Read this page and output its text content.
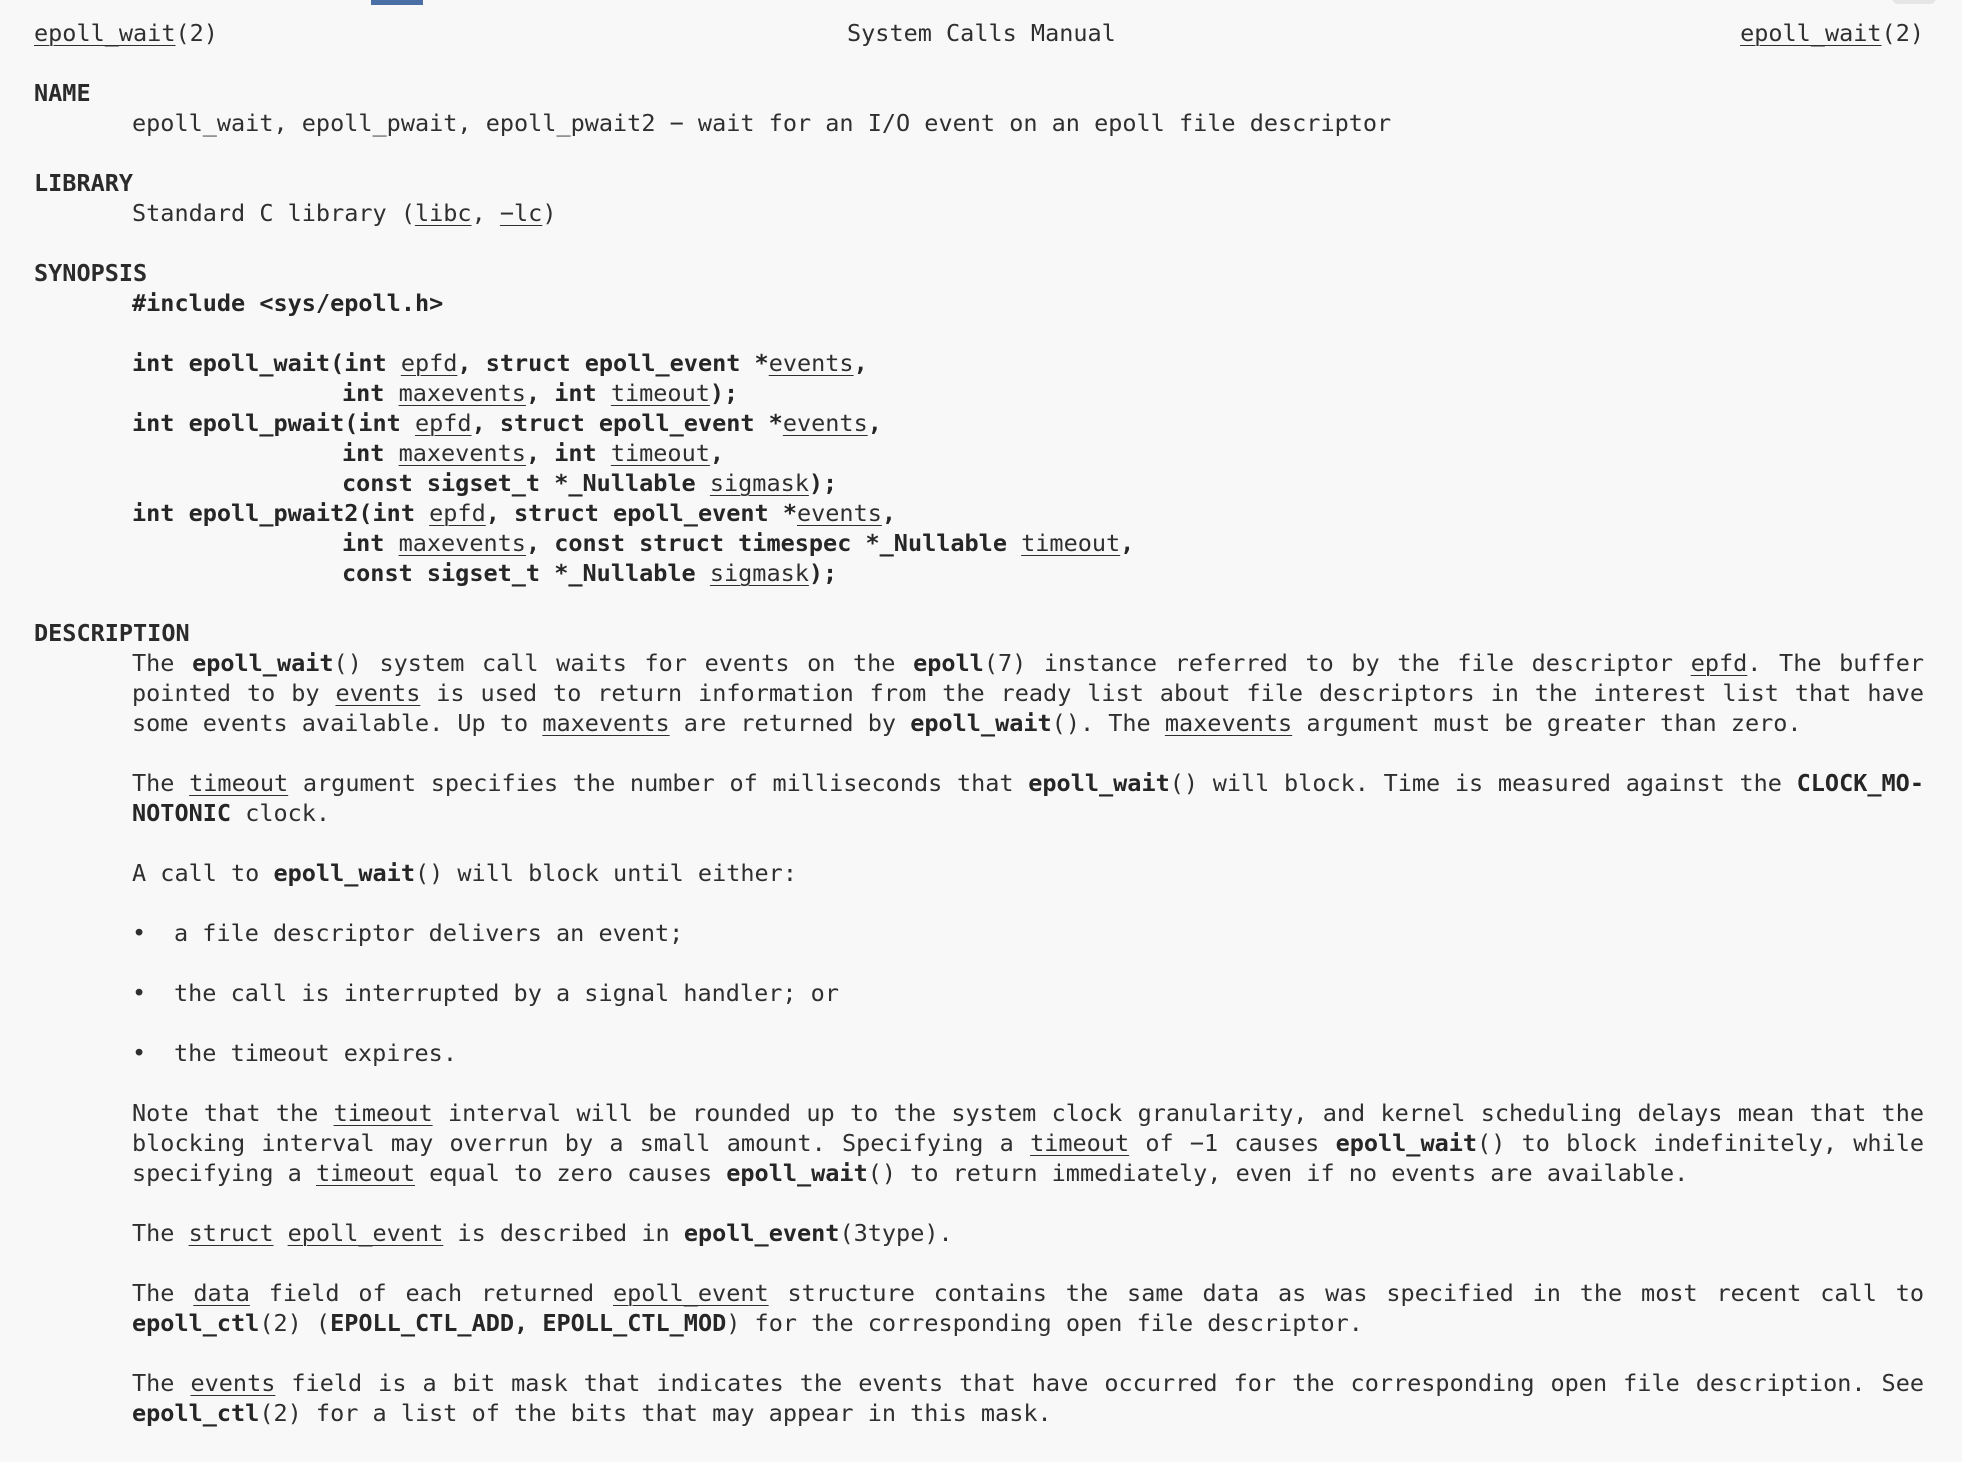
epoll_wait(2)

	System Calls Manual

	epoll_wait(2)

NAME
epoll_wait, epoll_pwait, epoll_pwait2 − wait for an I/O event on an epoll file descriptor
LIBRARY
Standard C library (libc, −lc)
SYNOPSIS
#include <sys/epoll.h>
int epoll_wait(int epfd, struct epoll_event *events,
int maxevents, int timeout);
int epoll_pwait(int epfd, struct epoll_event *events,
int maxevents, int timeout,
const sigset_t *_Nullable sigmask);
int epoll_pwait2(int epfd, struct epoll_event *events,
int maxevents, const struct timespec *_Nullable timeout,
const sigset_t *_Nullable sigmask);
DESCRIPTION
The epoll_wait() system call waits for events on the epoll(7) instance referred to by the file descriptor epfd. The buffer
pointed to by events is used to return information from the ready list about file descriptors in the interest list that have
some events available. Up to maxevents are returned by epoll_wait(). The maxevents argument must be greater than zero.
The timeout argument specifies the number of milliseconds that epoll_wait() will block. Time is measured against the CLOCK_MO‐
NOTONIC clock.
A call to epoll_wait() will block until either:
• a file descriptor delivers an event;
• the call is interrupted by a signal handler; or
• the timeout expires.
Note that the timeout interval will be rounded up to the system clock granularity, and kernel scheduling delays mean that the
blocking interval may overrun by a small amount. Specifying a timeout of −1 causes epoll_wait() to block indefinitely, while
specifying a timeout equal to zero causes epoll_wait() to return immediately, even if no events are available.
The struct epoll_event is described in epoll_event(3type).
The data field of each returned epoll_event structure contains the same data as was specified in the most recent call to
epoll_ctl(2) (EPOLL_CTL_ADD, EPOLL_CTL_MOD) for the corresponding open file descriptor.
The events field is a bit mask that indicates the events that have occurred for the corresponding open file description. See
epoll_ctl(2) for a list of the bits that may appear in this mask.
